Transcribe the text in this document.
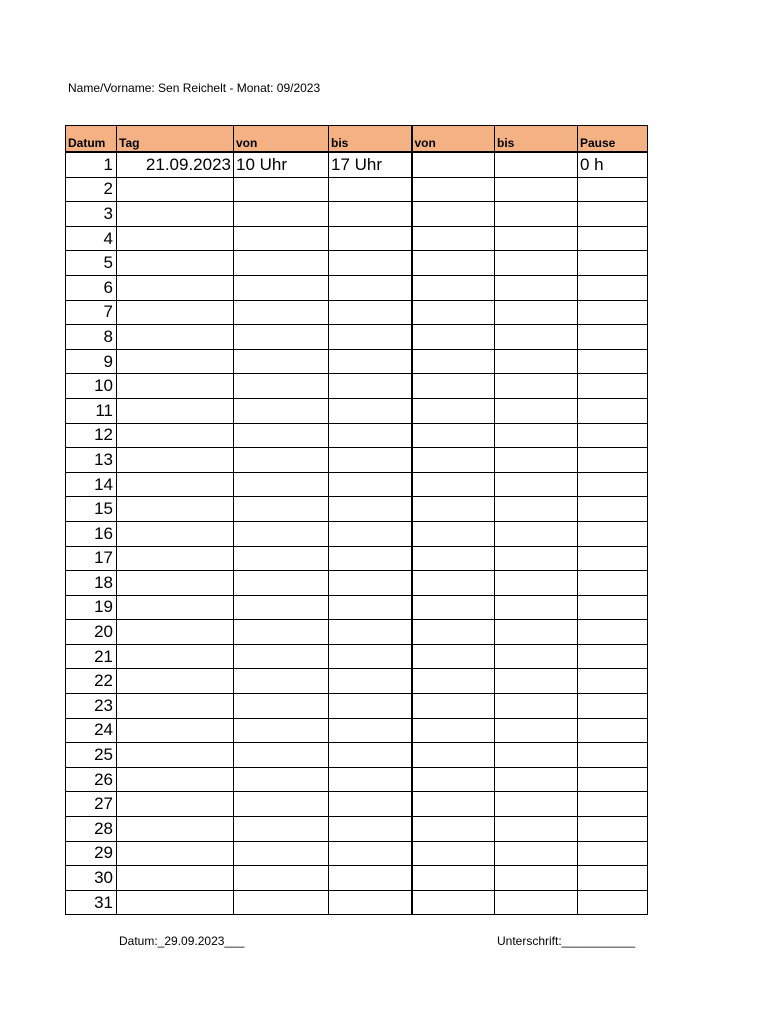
Name/Vorname: Sen Reichelt - Monat: 09/2023
Datum	Tag	von	bis	von	bis	Pause
1	21.09.2023	10 Uhr	17 Uhr			0 h
2						
3						
4						
5						
6						
7						
8						
9						
10						
11						
12						
13						
14						
15						
16						
17						
18						
19						
20						
21						
22						
23						
24						
25						
26						
27						
28						
29						
30						
31						
Datum:_29.09.2023___	Unterschrift:___________
